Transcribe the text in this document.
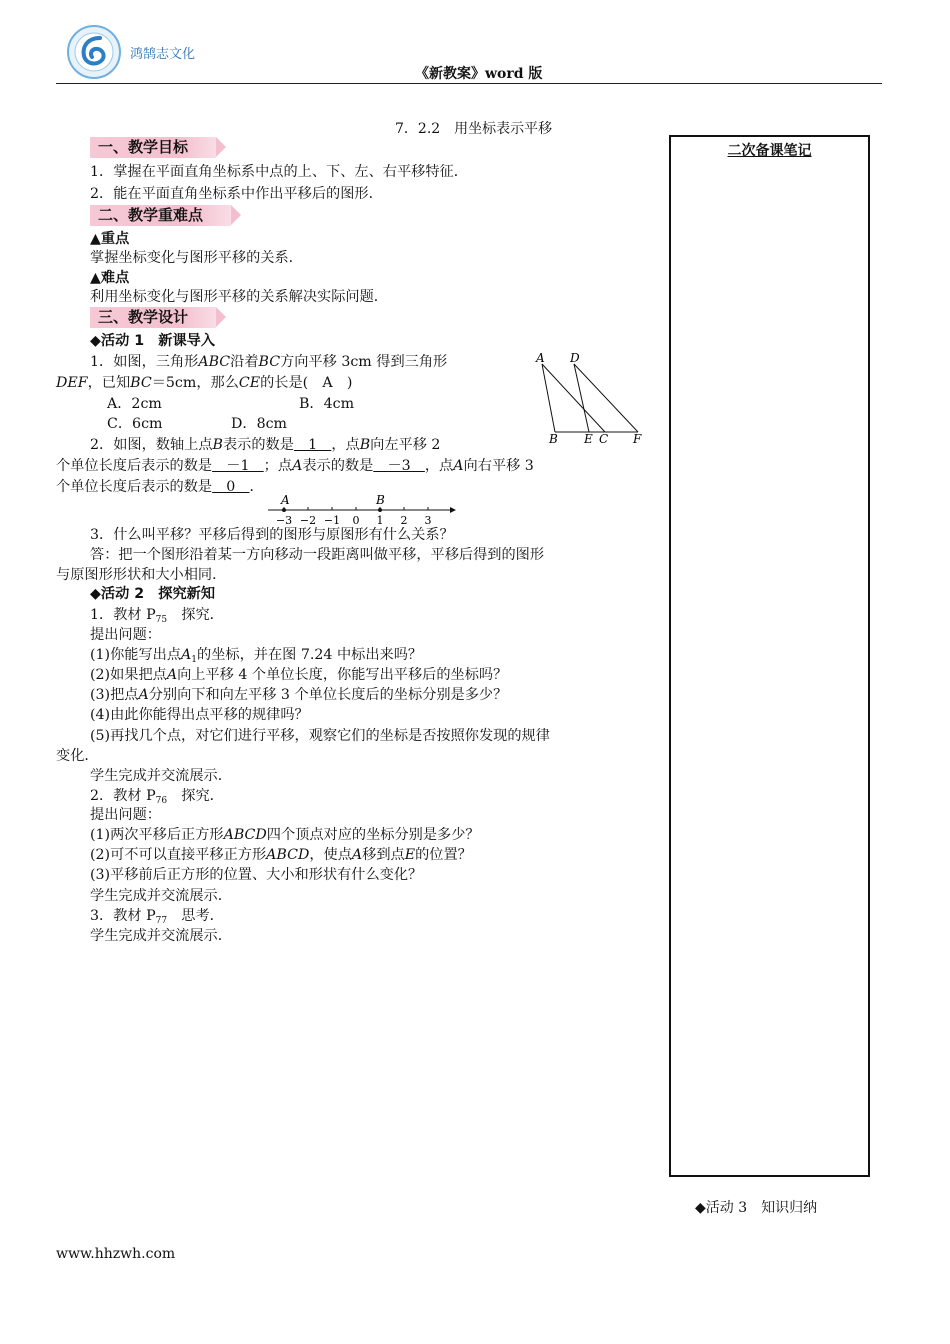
鸿鹄志文化
《新教案》word 版
7．2.2　用坐标表示平移
二次备课笔记
一、教学目标
1．掌握在平面直角坐标系中点的上、下、左、右平移特征．
2．能在平面直角坐标系中作出平移后的图形．
二、教学重难点
▲重点
掌握坐标变化与图形平移的关系．
▲难点
利用坐标变化与图形平移的关系解决实际问题．
三、教学设计
◆活动 1　新课导入
1．如图，三角形ABC沿着BC方向平移 3cm 得到三角形
DEF，已知BC＝5cm，那么CE的长是(　A　)
A．2cm	B．4cm
C．6cm	D．8cm
A D
B E C F
2．如图，数轴上点B表示的数是　1　，点B向左平移 2
个单位长度后表示的数是　－1　；点A表示的数是　－3　，点A向右平移 3
个单位长度后表示的数是　0　．
−3 −2 −1 0 1 2 3
A	B
3．什么叫平移？平移后得到的图形与原图形有什么关系？
答：把一个图形沿着某一方向移动一段距离叫做平移，平移后得到的图形
与原图形形状和大小相同．
◆活动 2　探究新知
1．教材 $P_{75}$　探究．
提出问题：
(1)你能写出点$A_1$的坐标，并在图 7.24 中标出来吗？
(2)如果把点A向上平移 4 个单位长度，你能写出平移后的坐标吗？
(3)把点A分别向下和向左平移 3 个单位长度后的坐标分别是多少？
(4)由此你能得出点平移的规律吗？
(5)再找几个点，对它们进行平移，观察它们的坐标是否按照你发现的规律
变化．
学生完成并交流展示．
2．教材 $P_{76}$　探究．
提出问题：
(1)两次平移后正方形ABCD四个顶点对应的坐标分别是多少？
(2)可不可以直接平移正方形ABCD，使点A移到点E的位置？
(3)平移前后正方形的位置、大小和形状有什么变化？
学生完成并交流展示．
3．教材 $P_{77}$　思考．
学生完成并交流展示．
◆活动 3　知识归纳
www.hhzwh.com
